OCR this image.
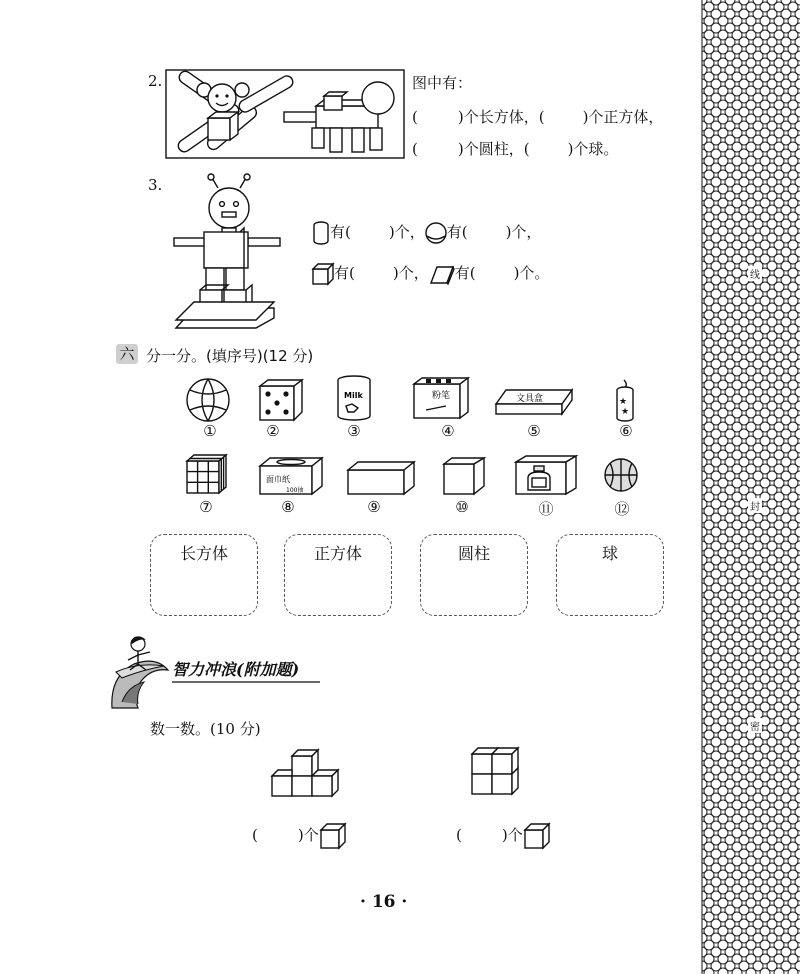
线
封
密
2.	图中有：
(	)个长方体，(	)个正方体，
(	)个圆柱，(	)个球。
3.
有(	)个， 有(	)个，
有(	)个， 有(	)个。
六 分一分。(填序号)(12 分)
Milk	粉笔	文具盒	★
★
①	②	③	④	⑤	⑥
面巾纸
100抽
⑦	⑧	⑨	⑩	⑪	⑫
长方体	正方体	圆柱	球
智力冲浪(附加题)
数一数。(10 分)
(	)个	(	)个
· 16 ·
